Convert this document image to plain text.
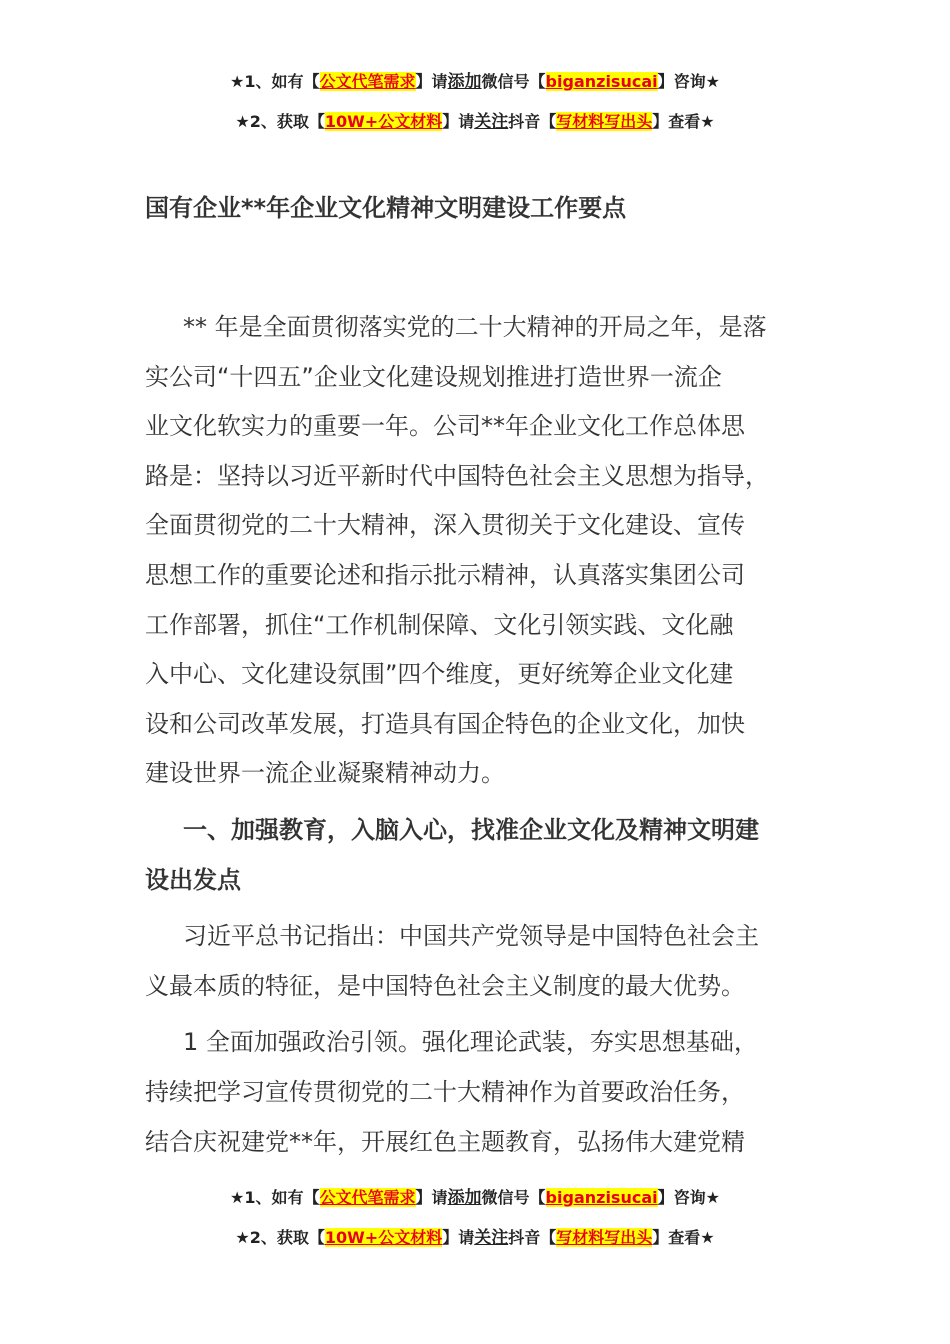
★1、如有【公文代笔需求】请添加微信号【biganzisucai】咨询★
★2、获取【10W+公文材料】请关注抖音【写材料写出头】查看★
国有企业**年企业文化精神文明建设工作要点

** 年是全面贯彻落实党的二十大精神的开局之年，是落
实公司“十四五”企业文化建设规划推进打造世界一流企
业文化软实力的重要一年。公司**年企业文化工作总体思
路是：坚持以习近平新时代中国特色社会主义思想为指导，
全面贯彻党的二十大精神，深入贯彻关于文化建设、宣传
思想工作的重要论述和指示批示精神，认真落实集团公司
工作部署，抓住“工作机制保障、文化引领实践、文化融
入中心、文化建设氛围”四个维度，更好统筹企业文化建
设和公司改革发展，打造具有国企特色的企业文化，加快
建设世界一流企业凝聚精神动力。

一、加强教育，入脑入心，找准企业文化及精神文明建
设出发点

习近平总书记指出：中国共产党领导是中国特色社会主
义最本质的特征，是中国特色社会主义制度的最大优势。

1 全面加强政治引领。强化理论武装，夯实思想基础，
持续把学习宣传贯彻党的二十大精神作为首要政治任务，
结合庆祝建党**年，开展红色主题教育，弘扬伟大建党精

★1、如有【公文代笔需求】请添加微信号【biganzisucai】咨询★
★2、获取【10W+公文材料】请关注抖音【写材料写出头】查看★
